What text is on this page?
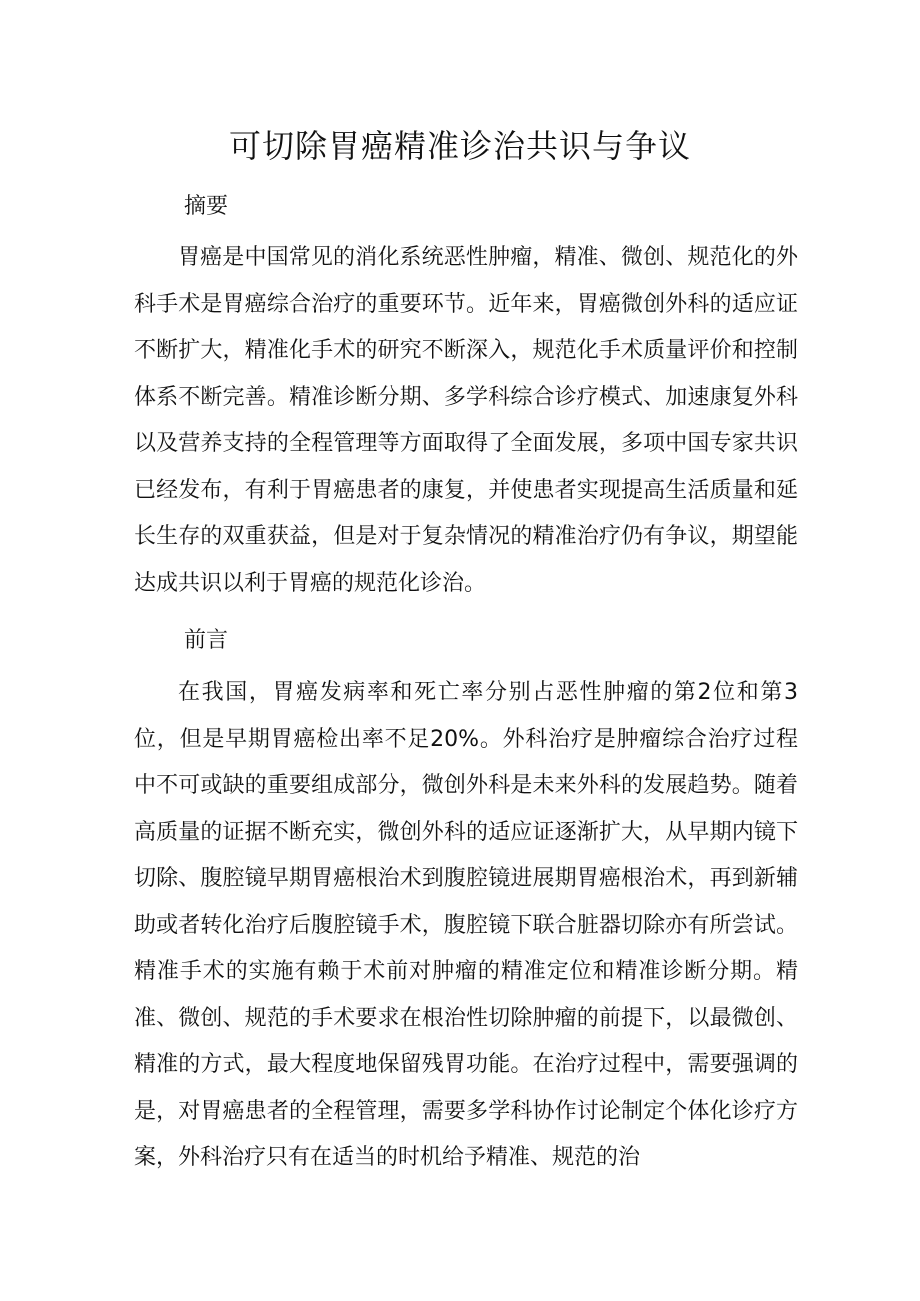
可切除胃癌精准诊治共识与争议
摘要

胃癌是中国常见的消化系统恶性肿瘤，精准、微创、规范化的外科手术是胃癌综合治疗的重要环节。近年来，胃癌微创外科的适应证不断扩大，精准化手术的研究不断深入，规范化手术质量评价和控制体系不断完善。精准诊断分期、多学科综合诊疗模式、加速康复外科以及营养支持的全程管理等方面取得了全面发展，多项中国专家共识已经发布，有利于胃癌患者的康复，并使患者实现提高生活质量和延长生存的双重获益，但是对于复杂情况的精准治疗仍有争议，期望能达成共识以利于胃癌的规范化诊治。

前言

在我国，胃癌发病率和死亡率分别占恶性肿瘤的第2位和第3位，但是早期胃癌检出率不足20%。外科治疗是肿瘤综合治疗过程中不可或缺的重要组成部分，微创外科是未来外科的发展趋势。随着高质量的证据不断充实，微创外科的适应证逐渐扩大，从早期内镜下切除、腹腔镜早期胃癌根治术到腹腔镜进展期胃癌根治术，再到新辅助或者转化治疗后腹腔镜手术，腹腔镜下联合脏器切除亦有所尝试。精准手术的实施有赖于术前对肿瘤的精准定位和精准诊断分期。精准、微创、规范的手术要求在根治性切除肿瘤的前提下，以最微创、精准的方式，最大程度地保留残胃功能。在治疗过程中，需要强调的是，对胃癌患者的全程管理，需要多学科协作讨论制定个体化诊疗方案，外科治疗只有在适当的时机给予精准、规范的治
